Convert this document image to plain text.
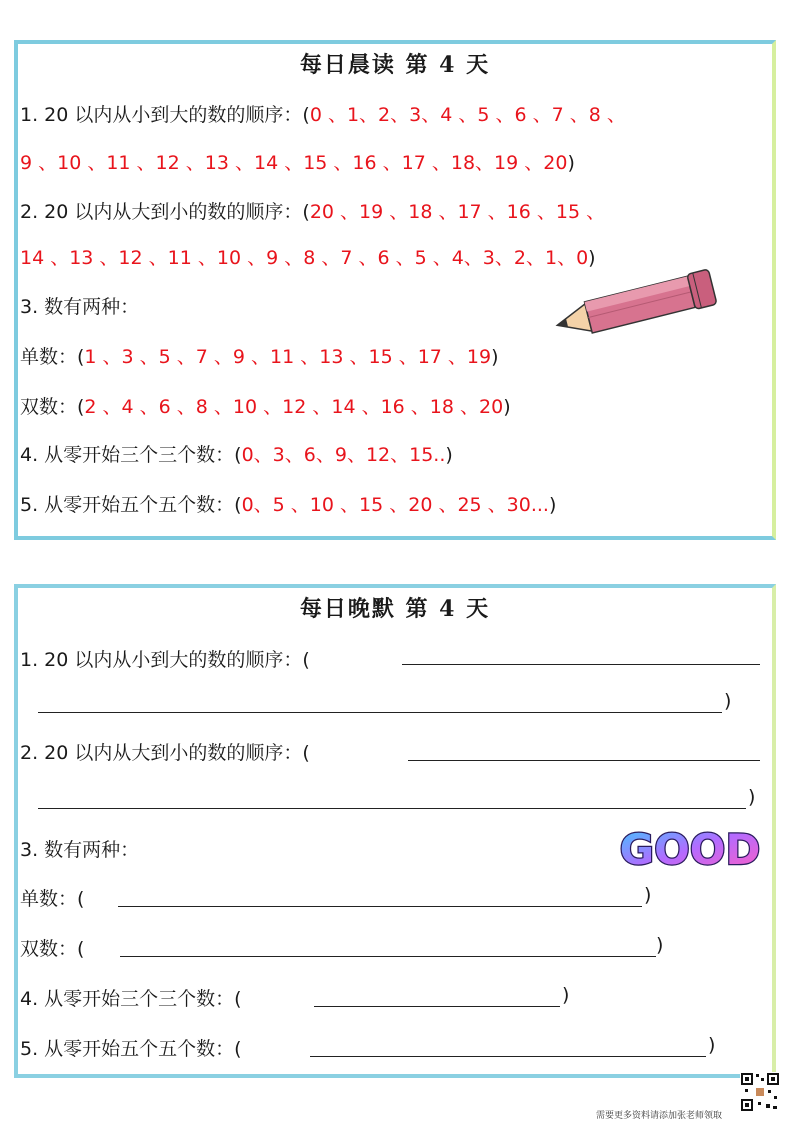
每日晨读 第 4 天
1. 20 以内从小到大的数的顺序：(0 、1、2、3、4 、5 、6 、7 、8 、
9 、10 、11 、12 、13 、14 、15 、16 、17 、18、19 、20)
2. 20 以内从大到小的数的顺序：(20 、19 、18 、17 、16 、15 、
14 、13 、12 、11 、10 、9 、8 、7 、6 、5 、4、3、2、1、0)
3. 数有两种：
单数：(1 、3 、5 、7 、9 、11 、13 、15 、17 、19)
双数：(2 、4 、6 、8 、10 、12 、14 、16 、18 、20)
4. 从零开始三个三个数：(0、3、6、9、12、15..)
5. 从零开始五个五个数：(0、5 、10 、15 、20 、25 、30...)
每日晚默 第 4 天
1. 20 以内从小到大的数的顺序：(
)
2. 20 以内从大到小的数的顺序：(
)
3. 数有两种：
单数：(	)
双数：(	)
4. 从零开始三个三个数：(	)
5. 从零开始五个五个数：(	)
GOOD
需要更多资料请添加张老师领取
